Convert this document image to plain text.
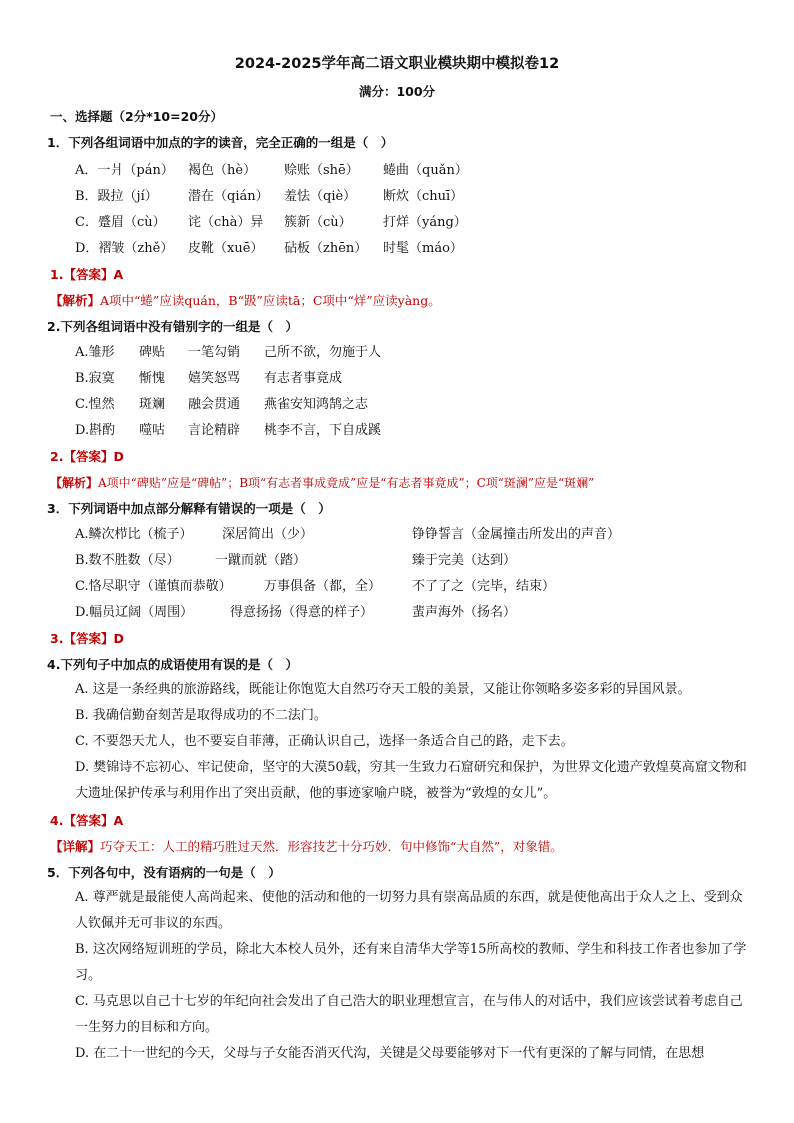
2024-2025学年高二语文职业模块期中模拟卷12
满分：100分
一、选择题（2分*10=20分）
1．下列各组词语中加点的字的读音，完全正确的一组是（　）
A．一爿（pán） 褐色（hè） 赊账（shē） 蜷曲（quǎn）
B．趿拉（jí） 潜在（qián） 羞怯（qiè） 断炊（chuī）
C．蹙眉（cù） 诧（chà）异 簇新（cù） 打烊（yáng）
D．褶皱（zhě） 皮靴（xuē） 砧板（zhēn） 时髦（máo）
1.【答案】A
【解析】A项中“蜷”应读quán，B“趿”应读tā；C项中“烊”应读yàng。
2.下列各组词语中没有错别字的一组是（　）
A.雏形 碑贴 一笔勾销 己所不欲，勿施于人
B.寂寞 惭愧 嬉笑怒骂 有志者事竟成
C.惶然 斑斓 融会贯通 燕雀安知鸿鹄之志
D.斟酌 噬咕 言论精辟 桃李不言，下自成蹊
2.【答案】D
【解析】A项中“碑贴”应是“碑帖”；B项“有志者事成竟成”应是“有志者事竟成”；C项“斑澜”应是“斑斓”
3．下列词语中加点部分解释有错误的一项是（　）
A.鳞次栉比（梳子） 深居简出（少）	铮铮誓言（金属撞击所发出的声音）
B.数不胜数（尽）	一蹴而就（踏）	臻于完美（达到）
C.恪尽职守（谨慎而恭敬） 万事俱备（都，全） 不了了之（完毕，结束）
D.幅员辽阔（周围）	得意扬扬（得意的样子）	蜚声海外（扬名）
3.【答案】D
4.下列句子中加点的成语使用有误的是（　）
A. 这是一条经典的旅游路线，既能让你饱览大自然巧夺天工般的美景，又能让你领略多姿多彩的异国风景。
B. 我确信勤奋刻苦是取得成功的不二法门。
C. 不要怨天尤人，也不要妄自菲薄，正确认识自己，选择一条适合自己的路，走下去。
D. 樊锦诗不忘初心、牢记使命，坚守的大漠50载，穷其一生致力石窟研究和保护，为世界文化遗产敦煌莫高窟文物和大遗址保护传承与利用作出了突出贡献，他的事迹家喻户晓，被誉为“敦煌的女儿”。
4.【答案】A
【详解】巧夺天工：人工的精巧胜过天然．形容技艺十分巧妙．句中修饰“大自然”，对象错。
5．下列各句中，没有语病的一句是（　）
A. 尊严就是最能使人高尚起来、使他的活动和他的一切努力具有崇高品质的东西，就是使他高出于众人之上、受到众人钦佩并无可非议的东西。
B. 这次网络短训班的学员，除北大本校人员外，还有来自清华大学等15所高校的教师、学生和科技工作者也参加了学习。
C. 马克思以自己十七岁的年纪向社会发出了自己浩大的职业理想宣言，在与伟人的对话中，我们应该尝试着考虑自己一生努力的目标和方向。
D. 在二十一世纪的今天，父母与子女能否消灭代沟，关键是父母要能够对下一代有更深的了解与同情，在思想
